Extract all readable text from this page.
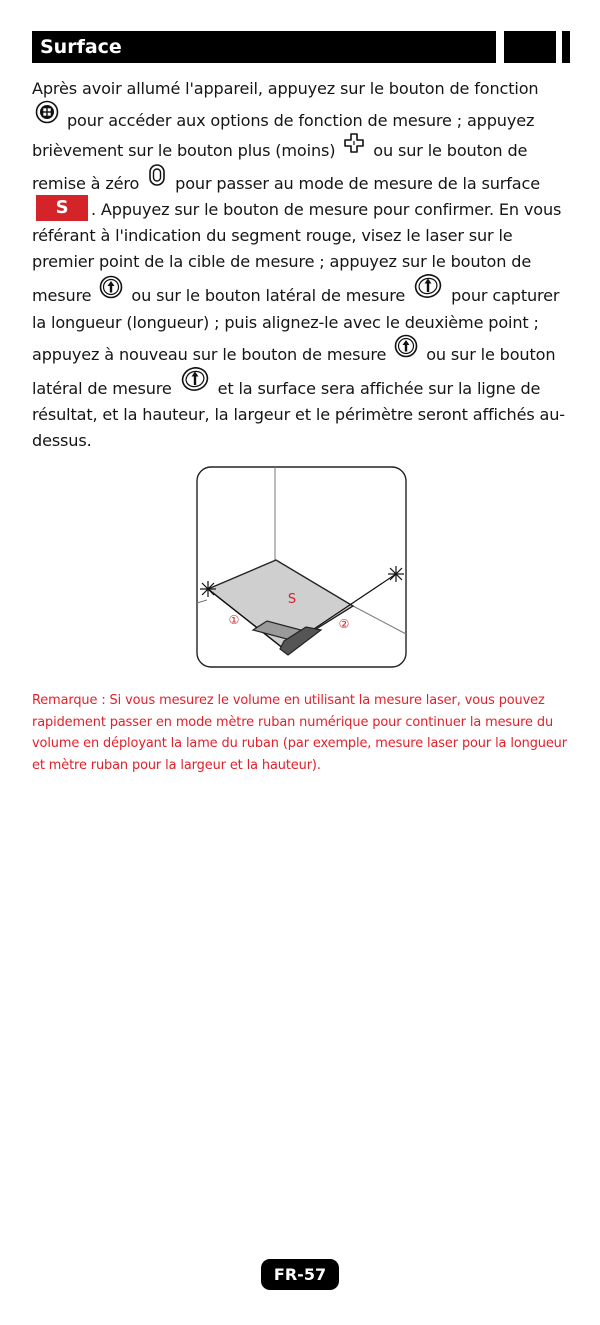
Surface
Après avoir allumé l'appareil, appuyez sur le bouton de fonction  pour accéder aux options de fonction de mesure ; appuyez brièvement sur le bouton plus (moins) ou sur le bouton de remise à zéro pour passer au mode de mesure de la surfaceS . Appuyez sur le bouton de mesure pour confirmer. En vous référant à l'indication du segment rouge, visez le laser sur le premier point de la cible de mesure ; appuyez sur le bouton de mesure ou sur le bouton latéral de mesure	pour capturer la longueur (longueur) ; puis alignez-le avec le deuxième point ; appuyez à nouveau sur le bouton de mesure ou sur le bouton latéral de mesure	et la surface sera affichée sur la ligne de résultat, et la hauteur, la largeur et le périmètre seront affichés au-dessus.
S
①	②
Remarque : Si vous mesurez le volume en utilisant la mesure laser, vous pouvez rapidement passer en mode mètre ruban numérique pour continuer la mesure du volume en déployant la lame du ruban (par exemple, mesure laser pour la longueur et mètre ruban pour la largeur et la hauteur).
FR-57
